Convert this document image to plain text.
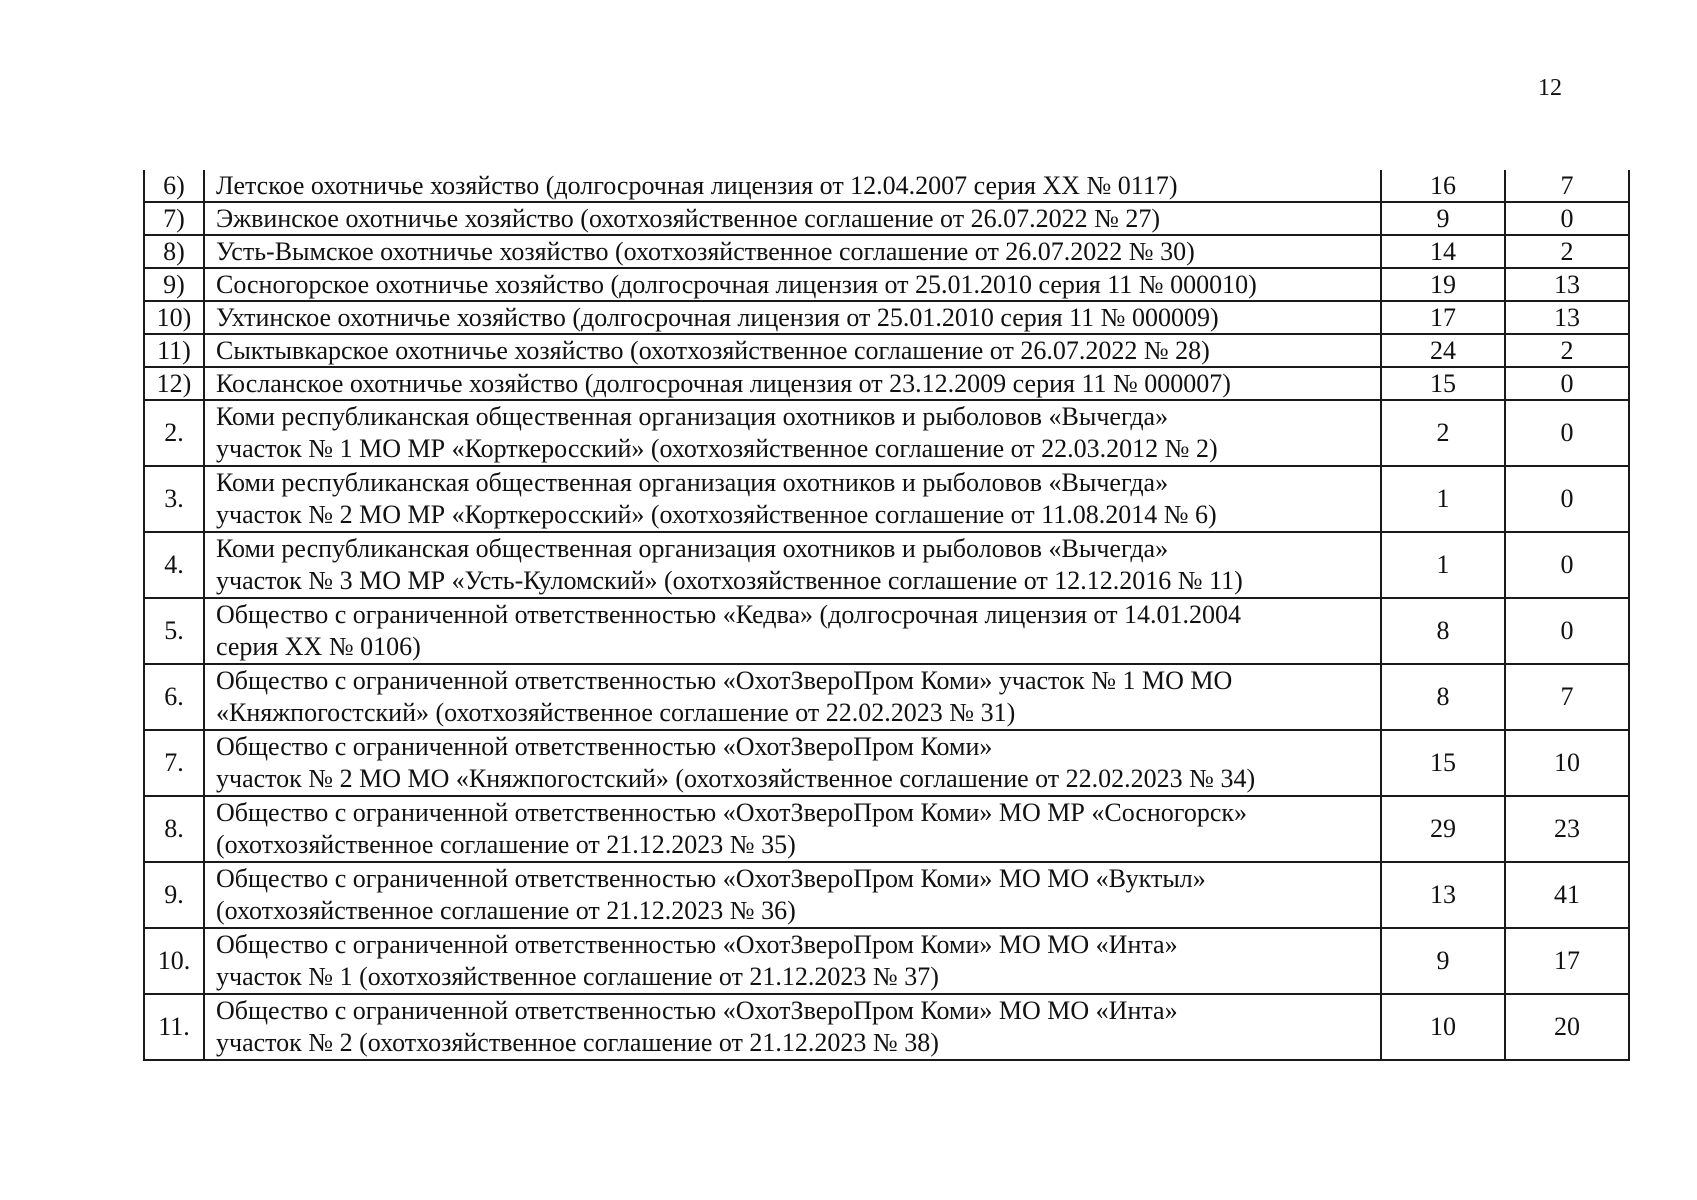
12
6)	Летское охотничье хозяйство (долгосрочная лицензия от 12.04.2007 серия ХХ № 0117)	16	7
7)	Эжвинское охотничье хозяйство (охотхозяйственное соглашение от 26.07.2022 № 27)	9	0
8)	Усть-Вымское охотничье хозяйство (охотхозяйственное соглашение от 26.07.2022 № 30)	14	2
9)	Сосногорское охотничье хозяйство (долгосрочная лицензия от 25.01.2010 серия 11 № 000010)	19	13
10)	Ухтинское охотничье хозяйство (долгосрочная лицензия от 25.01.2010 серия 11 № 000009)	17	13
11)	Сыктывкарское охотничье хозяйство (охотхозяйственное соглашение от 26.07.2022 № 28)	24	2
12)	Косланское охотничье хозяйство (долгосрочная лицензия от 23.12.2009 серия 11 № 000007)	15	0
2.	Коми республиканская общественная организация охотников и рыболовов «Вычегда»
участок № 1 МО МР «Корткеросский» (охотхозяйственное соглашение от 22.03.2012 № 2)	2	0
3.	Коми республиканская общественная организация охотников и рыболовов «Вычегда»
участок № 2 МО МР «Корткеросский» (охотхозяйственное соглашение от 11.08.2014 № 6)	1	0
4.	Коми республиканская общественная организация охотников и рыболовов «Вычегда»
участок № 3 МО МР «Усть-Куломский» (охотхозяйственное соглашение от 12.12.2016 № 11)	1	0
5.	Общество с ограниченной ответственностью «Кедва» (долгосрочная лицензия от 14.01.2004
серия ХХ № 0106)	8	0
6.	Общество с ограниченной ответственностью «ОхотЗвероПром Коми» участок № 1 МО МО
«Княжпогостский» (охотхозяйственное соглашение от 22.02.2023 № 31)	8	7
7.	Общество с ограниченной ответственностью «ОхотЗвероПром Коми»
участок № 2 МО МО «Княжпогостский» (охотхозяйственное соглашение от 22.02.2023 № 34)	15	10
8.	Общество с ограниченной ответственностью «ОхотЗвероПром Коми» МО МР «Сосногорск»
(охотхозяйственное соглашение от 21.12.2023 № 35)	29	23
9.	Общество с ограниченной ответственностью «ОхотЗвероПром Коми» МО МО «Вуктыл»
(охотхозяйственное соглашение от 21.12.2023 № 36)	13	41
10.	Общество с ограниченной ответственностью «ОхотЗвероПром Коми» МО МО «Инта»
участок № 1 (охотхозяйственное соглашение от 21.12.2023 № 37)	9	17
11.	Общество с ограниченной ответственностью «ОхотЗвероПром Коми» МО МО «Инта»
участок № 2 (охотхозяйственное соглашение от 21.12.2023 № 38)	10	20
